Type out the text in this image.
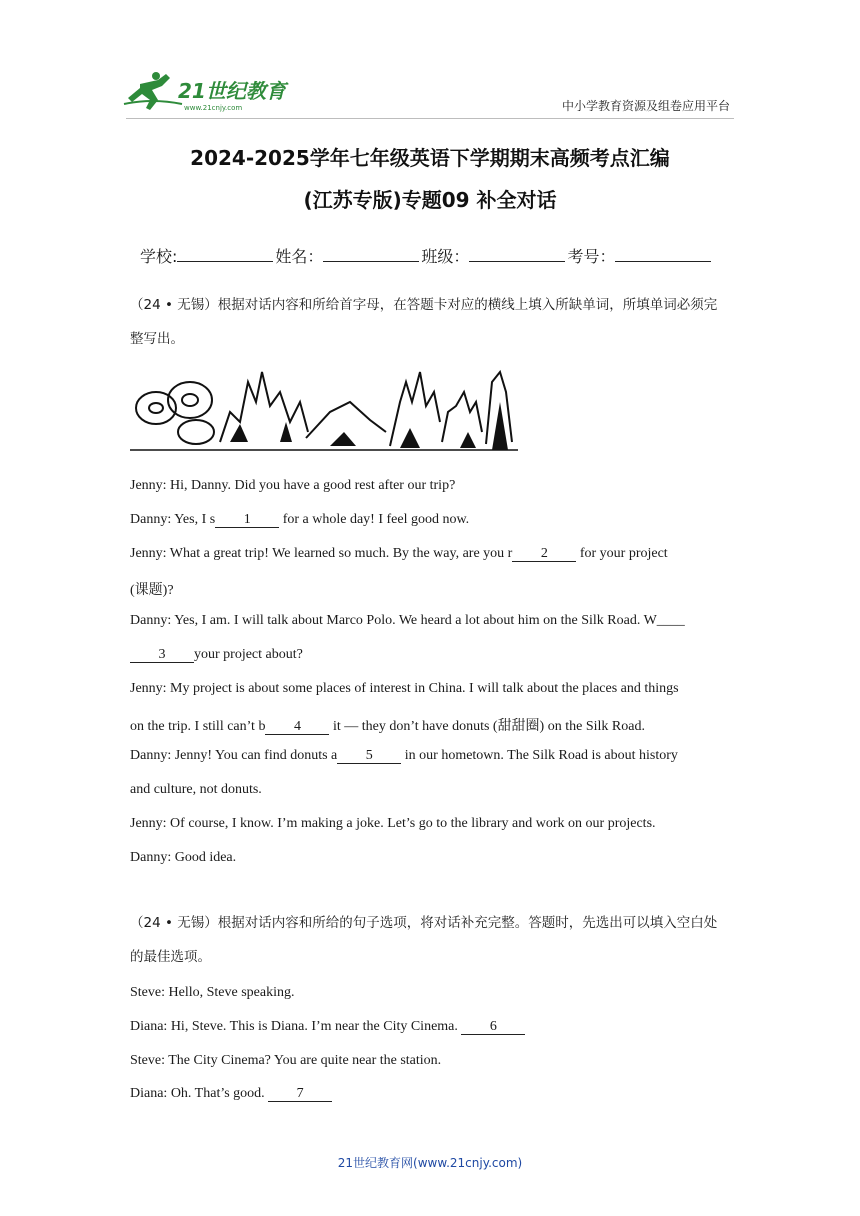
21世纪教育
www.21cnjy.com	中小学教育资源及组卷应用平台
2024-2025学年七年级英语下学期期末高频考点汇编
(江苏专版)专题09 补全对话
学校:	姓名：	班级：	考号：
（24 • 无锡）根据对话内容和所给首字母，在答题卡对应的横线上填入所缺单词，所填单词必须完整写出。
Jenny: Hi, Danny. Did you have a good rest after our trip?
Danny: Yes, I s 1 for a whole day! I feel good now.
Jenny: What a great trip! We learned so much. By the way, are you r 2 for your project
(课题)?
Danny: Yes, I am. I will talk about Marco Polo. We heard a lot about him on the Silk Road. W____
3 your project about?
Jenny: My project is about some places of interest in China. I will talk about the places and things
on the trip. I still can’t b 4 it — they don’t have donuts (甜甜圈) on the Silk Road.
Danny: Jenny! You can find donuts a 5 in our hometown. The Silk Road is about history
and culture, not donuts.
Jenny: Of course, I know. I’m making a joke. Let’s go to the library and work on our projects.
Danny: Good idea.
（24 • 无锡）根据对话内容和所给的句子选项，将对话补充完整。答题时，先选出可以填入空白处的最佳选项。
Steve: Hello, Steve speaking.
Diana: Hi, Steve. This is Diana. I’m near the City Cinema. 6
Steve: The City Cinema? You are quite near the station.
Diana: Oh. That’s good. 7
21世纪教育网(www.21cnjy.com)
